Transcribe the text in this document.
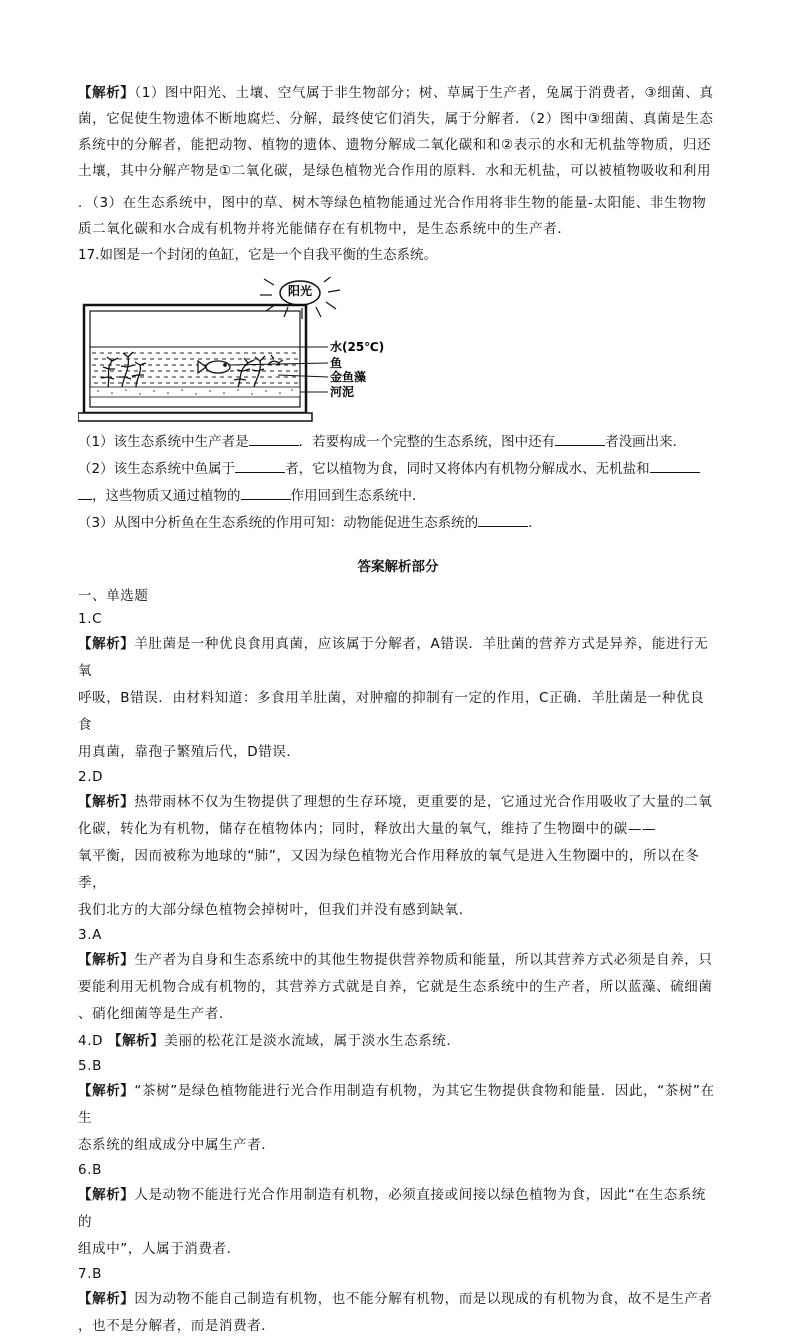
【解析】（1）图中阳光、土壤、空气属于非生物部分；树、草属于生产者，兔属于消费者，③细菌、真

菌，它促使生物遗体不断地腐烂、分解，最终使它们消失，属于分解者．（2）图中③细菌、真菌是生态

系统中的分解者，能把动物、植物的遗体、遗物分解成二氧化碳和和②表示的水和无机盐等物质，归还

土壤，其中分解产物是①二氧化碳，是绿色植物光合作用的原料．水和无机盐，可以被植物吸收和利用

．（3）在生态系统中，图中的草、树木等绿色植物能通过光合作用将非生物的能量-太阳能、非生物物

质二氧化碳和水合成有机物并将光能储存在有机物中，是生态系统中的生产者．

17.如图是一个封闭的鱼缸，它是一个自我平衡的生态系统。

阳光
水(25℃)
鱼
金鱼藻
河泥

（1）该生态系统中生产者是	．若要构成一个完整的生态系统，图中还有	者没画出来．

（2）该生态系统中鱼属于	者，它以植物为食，同时又将体内有机物分解成水、无机盐和

，这些物质又通过植物的	作用回到生态系统中．

（3）从图中分析鱼在生态系统的作用可知：动物能促进生态系统的	．

答案解析部分

一、单选题

1.C

【解析】羊肚菌是一种优良食用真菌，应该属于分解者，A错误．羊肚菌的营养方式是异养，能进行无氧

呼吸，B错误．由材料知道：多食用羊肚菌，对肿瘤的抑制有一定的作用，C正确．羊肚菌是一种优良食

用真菌，靠孢子繁殖后代，D错误．

2.D

【解析】热带雨林不仅为生物提供了理想的生存环境，更重要的是，它通过光合作用吸收了大量的二氧

化碳，转化为有机物，储存在植物体内；同时，释放出大量的氧气，维持了生物圈中的碳——

氧平衡，因而被称为地球的“肺”，又因为绿色植物光合作用释放的氧气是进入生物圈中的，所以在冬季，

我们北方的大部分绿色植物会掉树叶，但我们并没有感到缺氧．

3.A

【解析】生产者为自身和生态系统中的其他生物提供营养物质和能量，所以其营养方式必须是自养，只

要能利用无机物合成有机物的，其营养方式就是自养，它就是生态系统中的生产者，所以蓝藻、硫细菌

、硝化细菌等是生产者．

4.D 【解析】美丽的松花江是淡水流域，属于淡水生态系统．

5.B

【解析】“茶树”是绿色植物能进行光合作用制造有机物，为其它生物提供食物和能量．因此，“茶树”在生

态系统的组成成分中属生产者．

6.B

【解析】人是动物不能进行光合作用制造有机物，必须直接或间接以绿色植物为食，因此“在生态系统的

组成中”，人属于消费者．

7.B

【解析】因为动物不能自己制造有机物，也不能分解有机物，而是以现成的有机物为食，故不是生产者

，也不是分解者，而是消费者．
